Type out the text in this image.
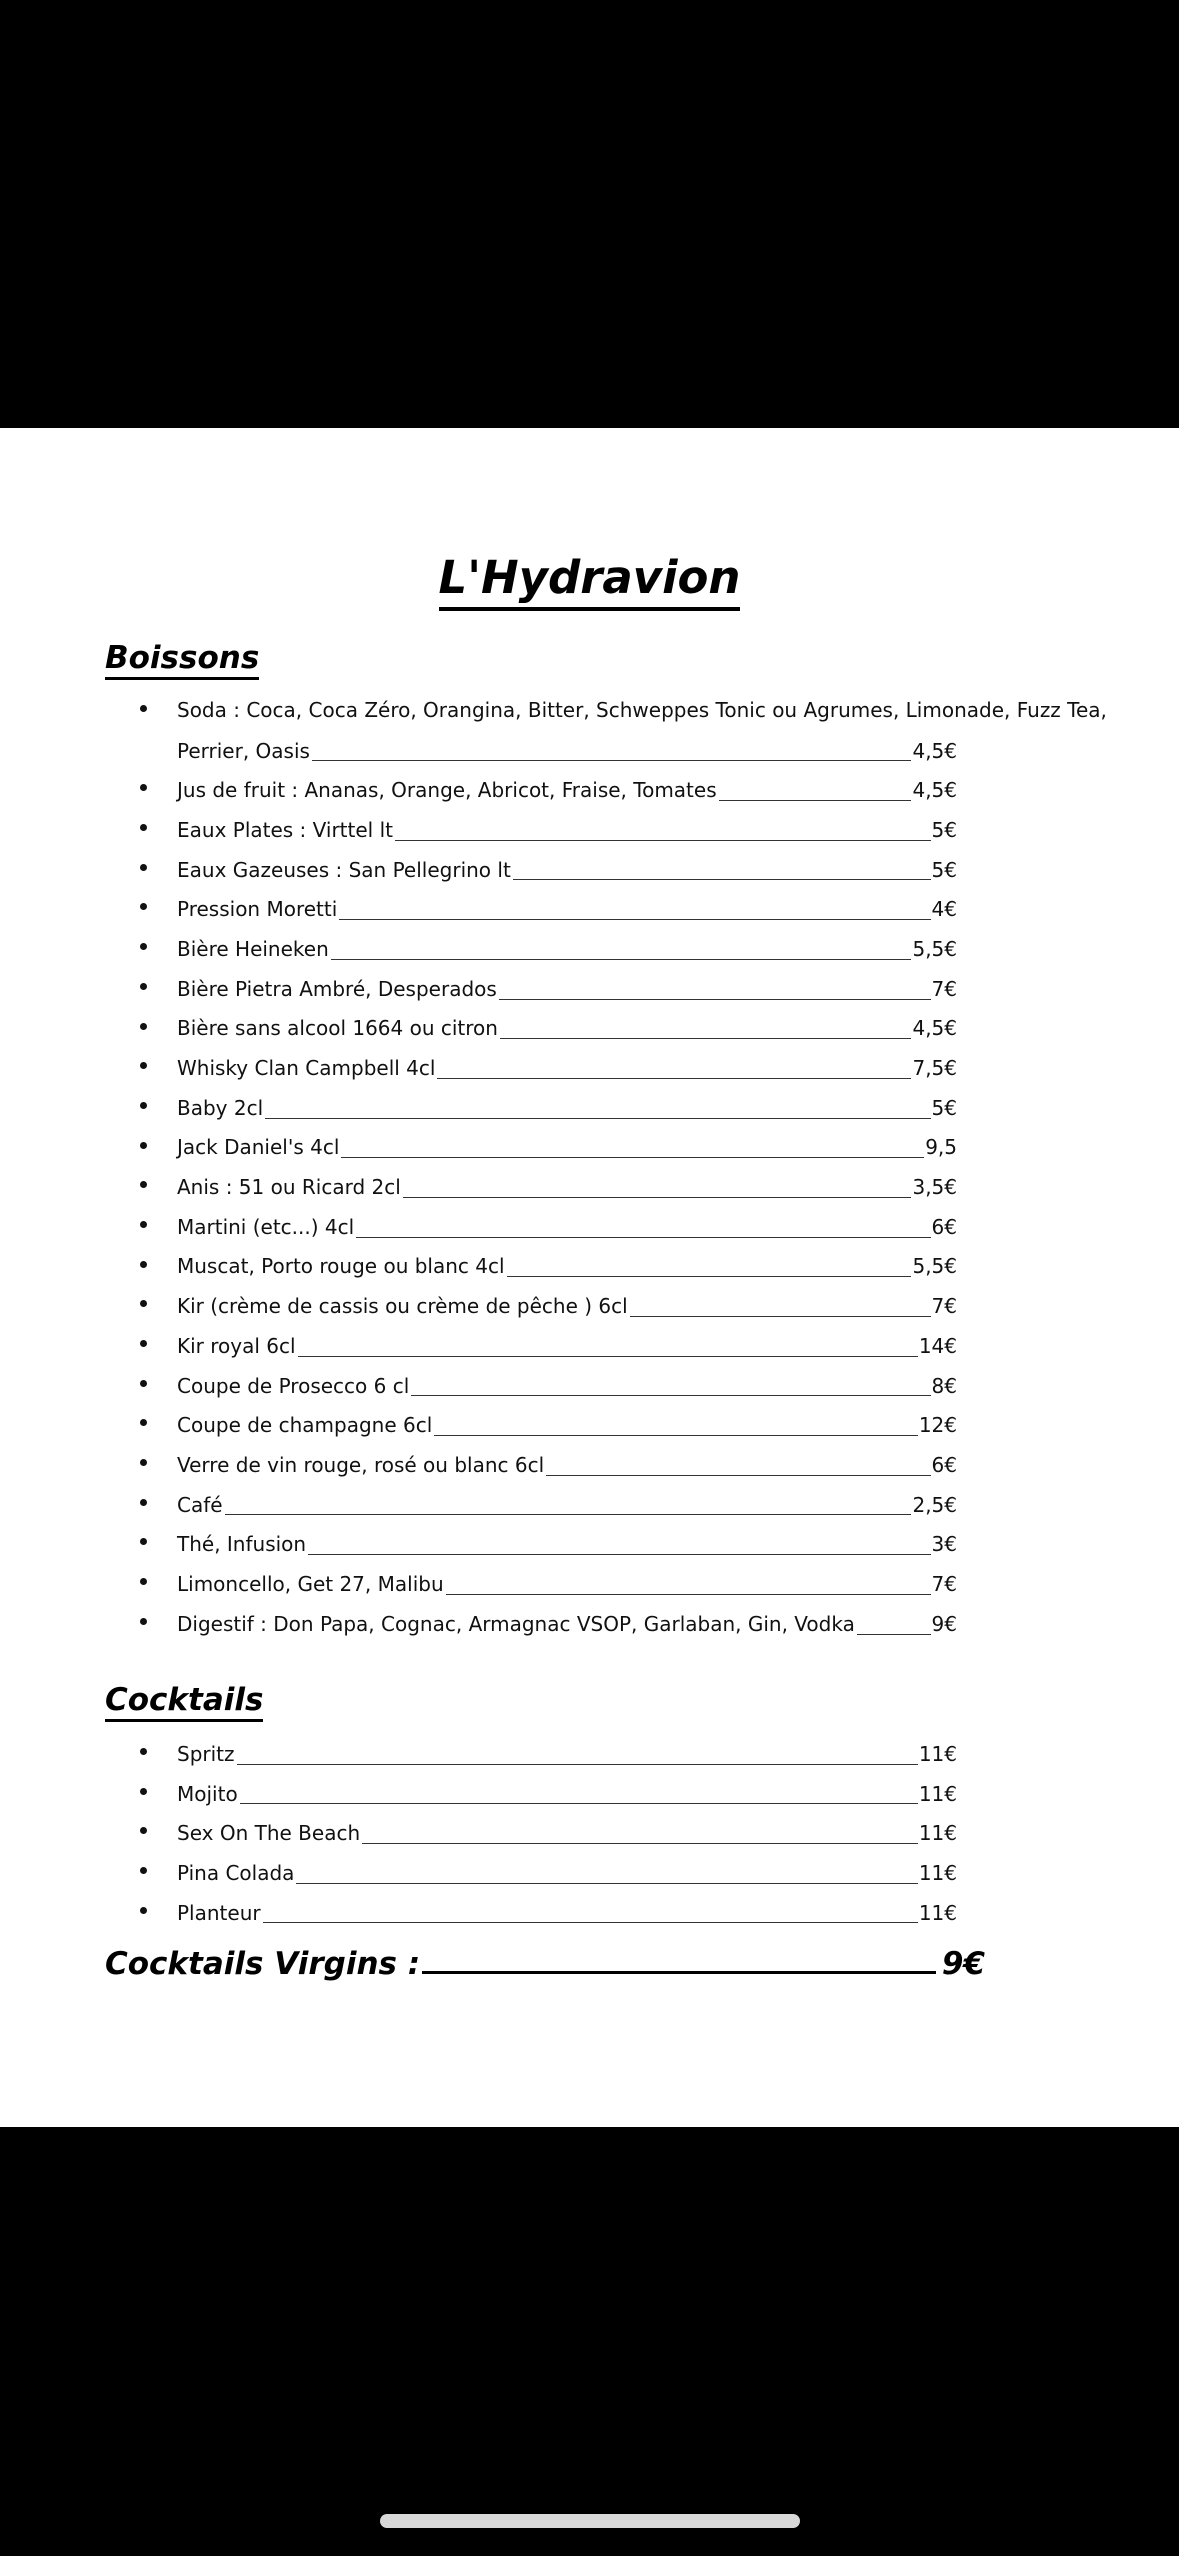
L'Hydravion
Boissons
Soda : Coca, Coca Zéro, Orangina, Bitter, Schweppes Tonic ou Agrumes, Limonade, Fuzz Tea,
Perrier, Oasis	4,5€
Jus de fruit : Ananas, Orange, Abricot, Fraise, Tomates	4,5€
Eaux Plates : Virttel lt	5€
Eaux Gazeuses : San Pellegrino lt	5€
Pression Moretti	4€
Bière Heineken	5,5€
Bière Pietra Ambré, Desperados	7€
Bière sans alcool 1664 ou citron	4,5€
Whisky Clan Campbell 4cl	7,5€
Baby 2cl	5€
Jack Daniel's 4cl	9,5
Anis : 51 ou Ricard 2cl	3,5€
Martini (etc...) 4cl	6€
Muscat, Porto rouge ou blanc 4cl	5,5€
Kir (crème de cassis ou crème de pêche ) 6cl	7€
Kir royal 6cl	14€
Coupe de Prosecco 6 cl	8€
Coupe de champagne 6cl	12€
Verre de vin rouge, rosé ou blanc 6cl	6€
Café	2,5€
Thé, Infusion	3€
Limoncello, Get 27, Malibu	7€
Digestif : Don Papa, Cognac, Armagnac VSOP, Garlaban, Gin, Vodka	9€
Cocktails
Spritz	11€
Mojito	11€
Sex On The Beach	11€
Pina Colada	11€
Planteur	11€
Cocktails Virgins :	9€
